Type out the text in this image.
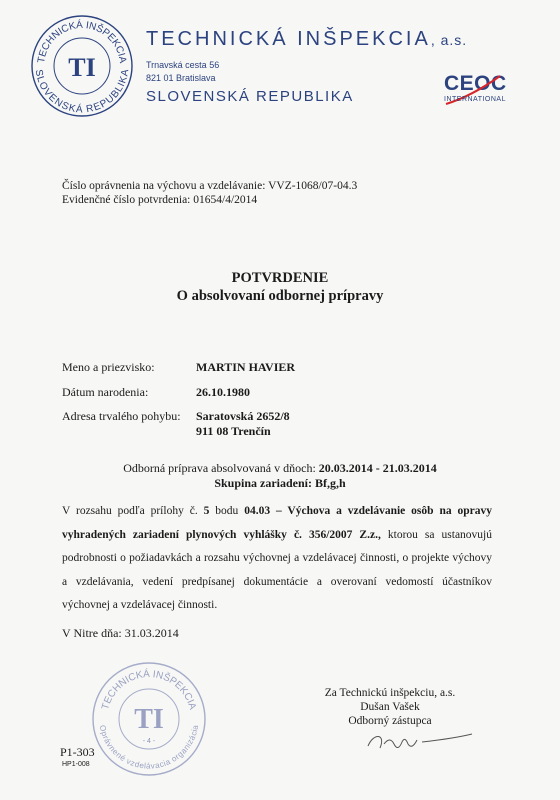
TECHNICKÁ INŠPEKCIA
SLOVENSKÁ REPUBLIKA
TI
TECHNICKÁ INŠPEKCIA, a.s.
Trnavská cesta 56
821 01 Bratislava
SLOVENSKÁ REPUBLIKA
CEOC
INTERNATIONAL
Číslo oprávnenia na výchovu a vzdelávanie: VVZ-1068/07-04.3
Evidenčné číslo potvrdenia: 01654/4/2014
POTVRDENIE
O absolvovaní odbornej prípravy
Meno a priezvisko:	MARTIN HAVIER
Dátum narodenia:	26.10.1980
Adresa trvalého pohybu: Saratovská 2652/8
911 08 Trenčín
Odborná príprava absolvovaná v dňoch: 20.03.2014 - 21.03.2014
Skupina zariadení: Bf,g,h
V rozsahu podľa prílohy č. 5 bodu 04.03 – Výchova a vzdelávanie osôb na opravy vyhradených zariadení plynových vyhlášky č. 356/2007 Z.z., ktorou sa ustanovujú podrobnosti o požiadavkách a rozsahu výchovnej a vzdelávacej činnosti, o projekte výchovy a vzdelávania, vedení predpísanej dokumentácie a overovaní vedomostí účastníkov výchovnej a vzdelávacej činnosti.
V Nitre dňa: 31.03.2014
TECHNICKÁ INŠPEKCIA
Oprávnené vzdelávacia organizácia
TI
- 4 -
Za Technickú inšpekciu, a.s.
Dušan Vašek
Odborný zástupca
P1-303
HP1-008
